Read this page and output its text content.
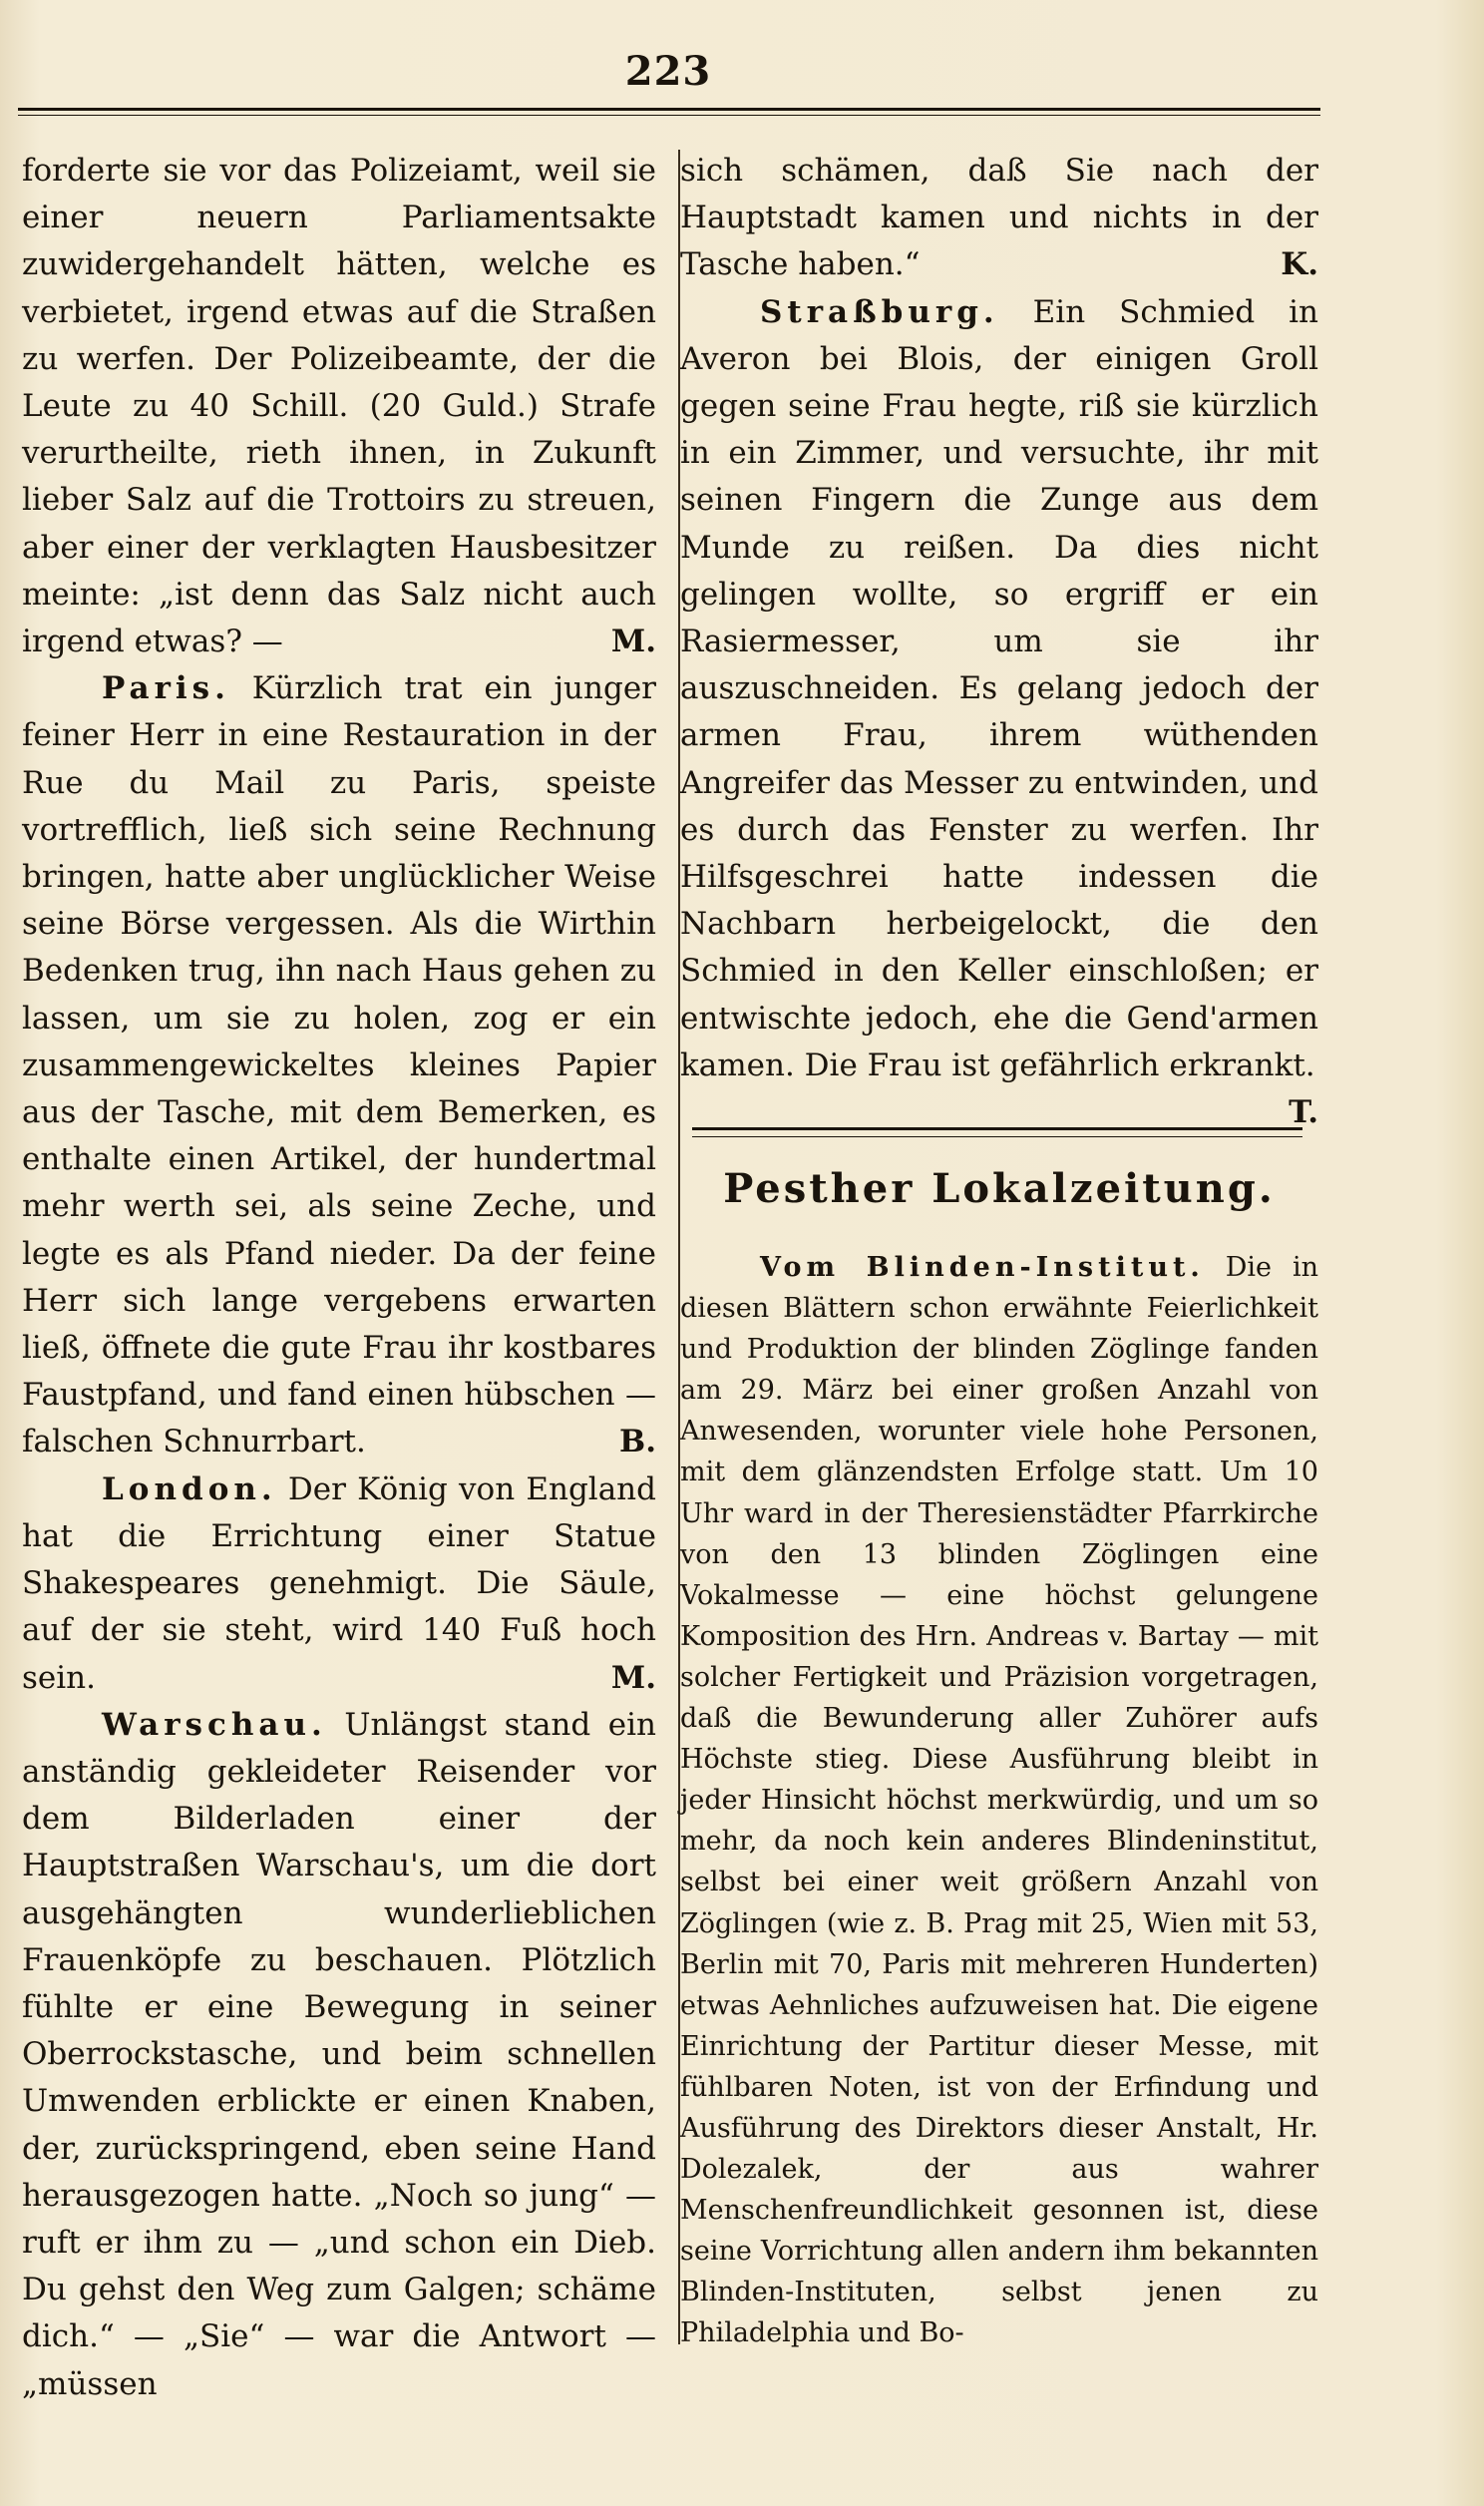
223

forderte sie vor das Polizeiamt, weil sie einer neuern Parliamentsakte zuwidergehandelt hätten, welche es verbietet, irgend etwas auf die Straßen zu werfen. Der Polizeibeamte, der die Leute zu 40 Schill. (20 Guld.) Strafe verurtheilte, rieth ihnen, in Zukunft lieber Salz auf die Trottoirs zu streuen, aber einer der verklagten Hausbesitzer meinte: „ist denn das Salz nicht auch irgend etwas? —	M.

Paris. Kürzlich trat ein junger feiner Herr in eine Restauration in der Rue du Mail zu Paris, speiste vortrefflich, ließ sich seine Rechnung bringen, hatte aber unglücklicher Weise seine Börse vergessen. Als die Wirthin Bedenken trug, ihn nach Haus gehen zu lassen, um sie zu holen, zog er ein zusammengewickeltes kleines Papier aus der Tasche, mit dem Bemerken, es enthalte einen Artikel, der hundertmal mehr werth sei, als seine Zeche, und legte es als Pfand nieder. Da der feine Herr sich lange vergebens erwarten ließ, öffnete die gute Frau ihr kostbares Faustpfand, und fand einen hübschen — falschen Schnurrbart.	B.

London. Der König von England hat die Errichtung einer Statue Shakespeares genehmigt. Die Säule, auf der sie steht, wird 140 Fuß hoch sein.	M.

Warschau. Unlängst stand ein anständig gekleideter Reisender vor dem Bilderladen einer der Hauptstraßen Warschau's, um die dort ausgehängten wunderlieblichen Frauenköpfe zu beschauen. Plötzlich fühlte er eine Bewegung in seiner Oberrockstasche, und beim schnellen Umwenden erblickte er einen Knaben, der, zurückspringend, eben seine Hand herausgezogen hatte. „Noch so jung“ — ruft er ihm zu — „und schon ein Dieb. Du gehst den Weg zum Galgen; schäme dich.“ — „Sie“ — war die Antwort — „müssen

sich schämen, daß Sie nach der Hauptstadt kamen und nichts in der Tasche haben.“	K.

Straßburg. Ein Schmied in Averon bei Blois, der einigen Groll gegen seine Frau hegte, riß sie kürzlich in ein Zimmer, und versuchte, ihr mit seinen Fingern die Zunge aus dem Munde zu reißen. Da dies nicht gelingen wollte, so ergriff er ein Rasiermesser, um sie ihr auszuschneiden. Es gelang jedoch der armen Frau, ihrem wüthenden Angreifer das Messer zu entwinden, und es durch das Fenster zu werfen. Ihr Hilfsgeschrei hatte indessen die Nachbarn herbeigelockt, die den Schmied in den Keller einschloßen; er entwischte jedoch, ehe die Gend'armen kamen. Die Frau ist gefährlich erkrankt.
T.

Pesther Lokalzeitung.

Vom Blinden-Institut. Die in diesen Blättern schon erwähnte Feierlichkeit und Produktion der blinden Zöglinge fanden am 29. März bei einer großen Anzahl von Anwesenden, worunter viele hohe Personen, mit dem glänzendsten Erfolge statt. Um 10 Uhr ward in der Theresienstädter Pfarrkirche von den 13 blinden Zöglingen eine Vokalmesse — eine höchst gelungene Komposition des Hrn. Andreas v. Bartay — mit solcher Fertigkeit und Präzision vorgetragen, daß die Bewunderung aller Zuhörer aufs Höchste stieg. Diese Ausführung bleibt in jeder Hinsicht höchst merkwürdig, und um so mehr, da noch kein anderes Blindeninstitut, selbst bei einer weit größern Anzahl von Zöglingen (wie z. B. Prag mit 25, Wien mit 53, Berlin mit 70, Paris mit mehreren Hunderten) etwas Aehnliches aufzuweisen hat. Die eigene Einrichtung der Partitur dieser Messe, mit fühlbaren Noten, ist von der Erfindung und Ausführung des Direktors dieser Anstalt, Hr. Dolezalek, der aus wahrer Menschenfreundlichkeit gesonnen ist, diese seine Vorrichtung allen andern ihm bekannten Blinden-Instituten, selbst jenen zu Philadelphia und Bo-
